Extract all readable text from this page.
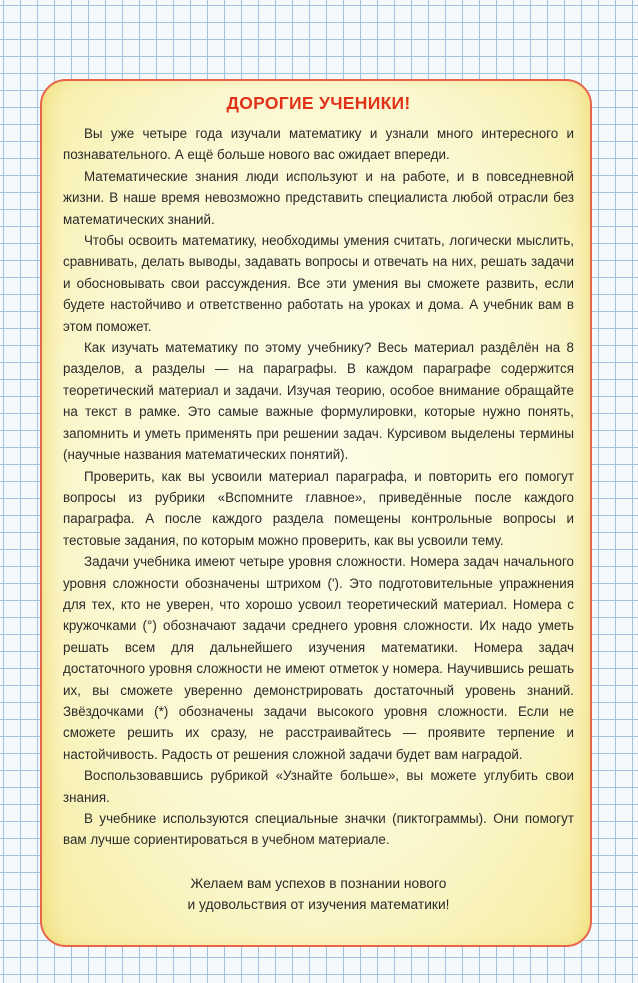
ДОРОГИЕ УЧЕНИКИ!

Вы уже четыре года изучали математику и узнали много интересного и познавательного. А ещё больше нового вас ожидает впереди.

Математические знания люди используют и на работе, и в повседневной жизни. В наше время невозможно представить специалиста любой отрасли без математических знаний.

Чтобы освоить математику, необходимы умения считать, логически мыслить, сравнивать, делать выводы, задавать вопросы и отвечать на них, решать задачи и обосновывать свои рассуждения. Все эти умения вы сможете развить, если будете настойчиво и ответственно работать на уроках и дома. А учебник вам в этом поможет.

Как изучать математику по этому учебнику? Весь материал раздêлён на 8 разделов, а разделы — на параграфы. В каждом параграфе содержится теоретический материал и задачи. Изучая теорию, особое внимание обращайте на текст в рамке. Это самые важные формулировки, которые нужно понять, запомнить и уметь применять при решении задач. Курсивом выделены термины (научные названия математических понятий).

Проверить, как вы усвоили материал параграфа, и повторить его помогут вопросы из рубрики «Вспомните главное», приведённые после каждого параграфа. А после каждого раздела помещены контрольные вопросы и тестовые задания, по которым можно проверить, как вы усвоили тему.

Задачи учебника имеют четыре уровня сложности. Номера задач начального уровня сложности обозначены штрихом (ʹ). Это подготовительные упражнения для тех, кто не уверен, что хорошо усвоил теоретический материал. Номера с кружочками (°) обозначают задачи среднего уровня сложности. Их надо уметь решать всем для дальнейшего изучения математики. Номера задач достаточного уровня сложности не имеют отметок у номера. Научившись решать их, вы сможете уверенно демонстрировать достаточный уровень знаний. Звёздочками (*) обозначены задачи высокого уровня сложности. Если не сможете решить их сразу, не расстраивайтесь — проявите терпение и настойчивость. Радость от решения сложной задачи будет вам наградой.

Воспользовавшись рубрикой «Узнайте больше», вы можете углубить свои знания.

В учебнике используются специальные значки (пиктограммы). Они помогут вам лучше сориентироваться в учебном материале.

Желаем вам успехов в познании нового
и удовольствия от изучения математики!
